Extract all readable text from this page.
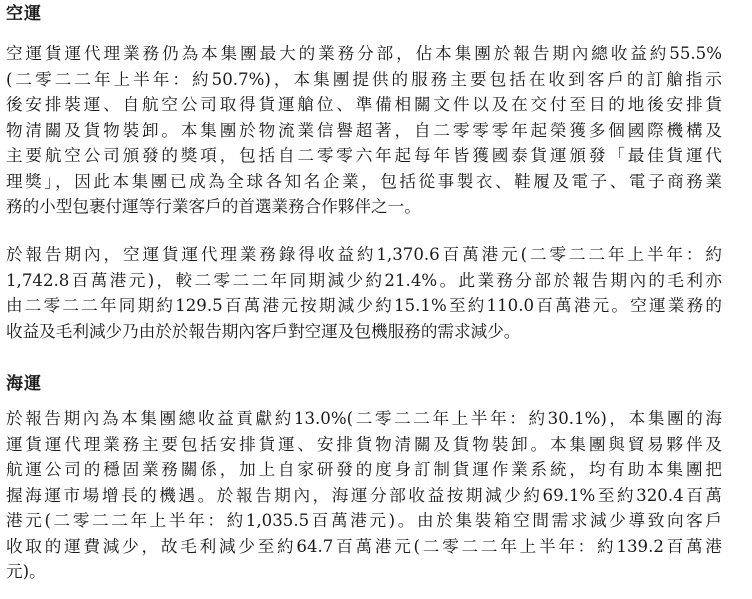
空運
空運貨運代理業務仍為本集團最大的業務分部，佔本集團於報告期內總收益約55.5%
(二零二二年上半年：約50.7%)，本集團提供的服務主要包括在收到客戶的訂艙指示
後安排裝運、自航空公司取得貨運艙位、準備相關文件以及在交付至目的地後安排貨
物清關及貨物裝卸。本集團於物流業信譽超著，自二零零零年起榮獲多個國際機構及
主要航空公司頒發的獎項，包括自二零零六年起每年皆獲國泰貨運頒發「最佳貨運代
理獎」，因此本集團已成為全球各知名企業，包括從事製衣、鞋履及電子、電子商務業
務的小型包裹付運等行業客戶的首選業務合作夥伴之一。
於報告期內，空運貨運代理業務錄得收益約1,370.6百萬港元(二零二二年上半年：約
1,742.8百萬港元)，較二零二二年同期減少約21.4%。此業務分部於報告期內的毛利亦
由二零二二年同期約129.5百萬港元按期減少約15.1%至約110.0百萬港元。空運業務的
收益及毛利減少乃由於於報告期內客戶對空運及包機服務的需求減少。
海運
於報告期內為本集團總收益貢獻約13.0%(二零二二年上半年：約30.1%)，本集團的海
運貨運代理業務主要包括安排貨運、安排貨物清關及貨物裝卸。本集團與貿易夥伴及
航運公司的穩固業務關係，加上自家研發的度身訂制貨運作業系統，均有助本集團把
握海運市場增長的機遇。於報告期內，海運分部收益按期減少約69.1%至約320.4百萬
港元(二零二二年上半年：約1,035.5百萬港元)。由於集裝箱空間需求減少導致向客戶
收取的運費減少，故毛利減少至約64.7百萬港元(二零二二年上半年：約139.2百萬港
元)。
